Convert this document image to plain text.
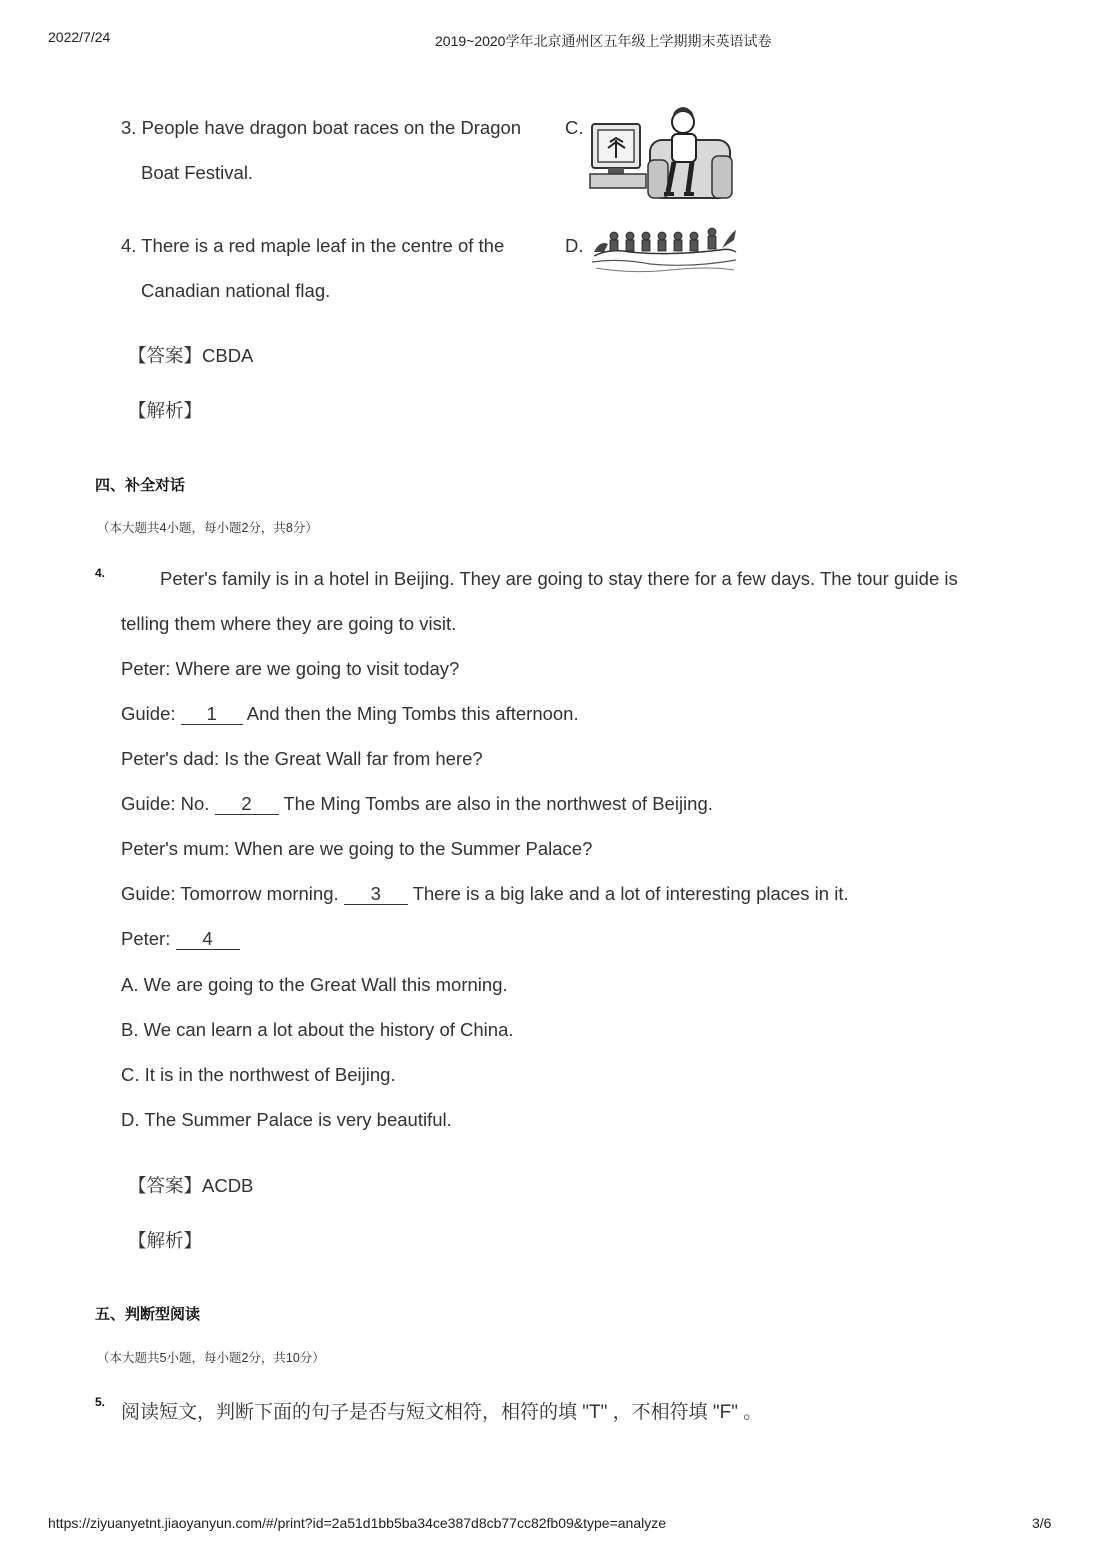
2022/7/24	2019~2020学年北京通州区五年级上学期期末英语试卷
3. People have dragon boat races on the Dragon
Boat Festival.
C.
4. There is a red maple leaf in the centre of the
Canadian national flag.
D.
【答案】CBDA
【解析】
四、补全对话
（本大题共4小题，每小题2分，共8分）
4.	Peter's family is in a hotel in Beijing. They are going to stay there for a few days. The tour guide is
telling them where they are going to visit.
Peter: Where are we going to visit today?
Guide: 1 And then the Ming Tombs this afternoon.
Peter's dad: Is the Great Wall far from here?
Guide: No. 2 The Ming Tombs are also in the northwest of Beijing.
Peter's mum: When are we going to the Summer Palace?
Guide: Tomorrow morning. 3 There is a big lake and a lot of interesting places in it.
Peter: 4
A. We are going to the Great Wall this morning.
B. We can learn a lot about the history of China.
C. It is in the northwest of Beijing.
D. The Summer Palace is very beautiful.
【答案】ACDB
【解析】
五、判断型阅读
（本大题共5小题，每小题2分，共10分）
5. 阅读短文，判断下面的句子是否与短文相符，相符的填 "T" ，不相符填 "F" 。
https://ziyuanyetnt.jiaoyanyun.com/#/print?id=2a51d1bb5ba34ce387d8cb77cc82fb09&type=analyze	3/6
